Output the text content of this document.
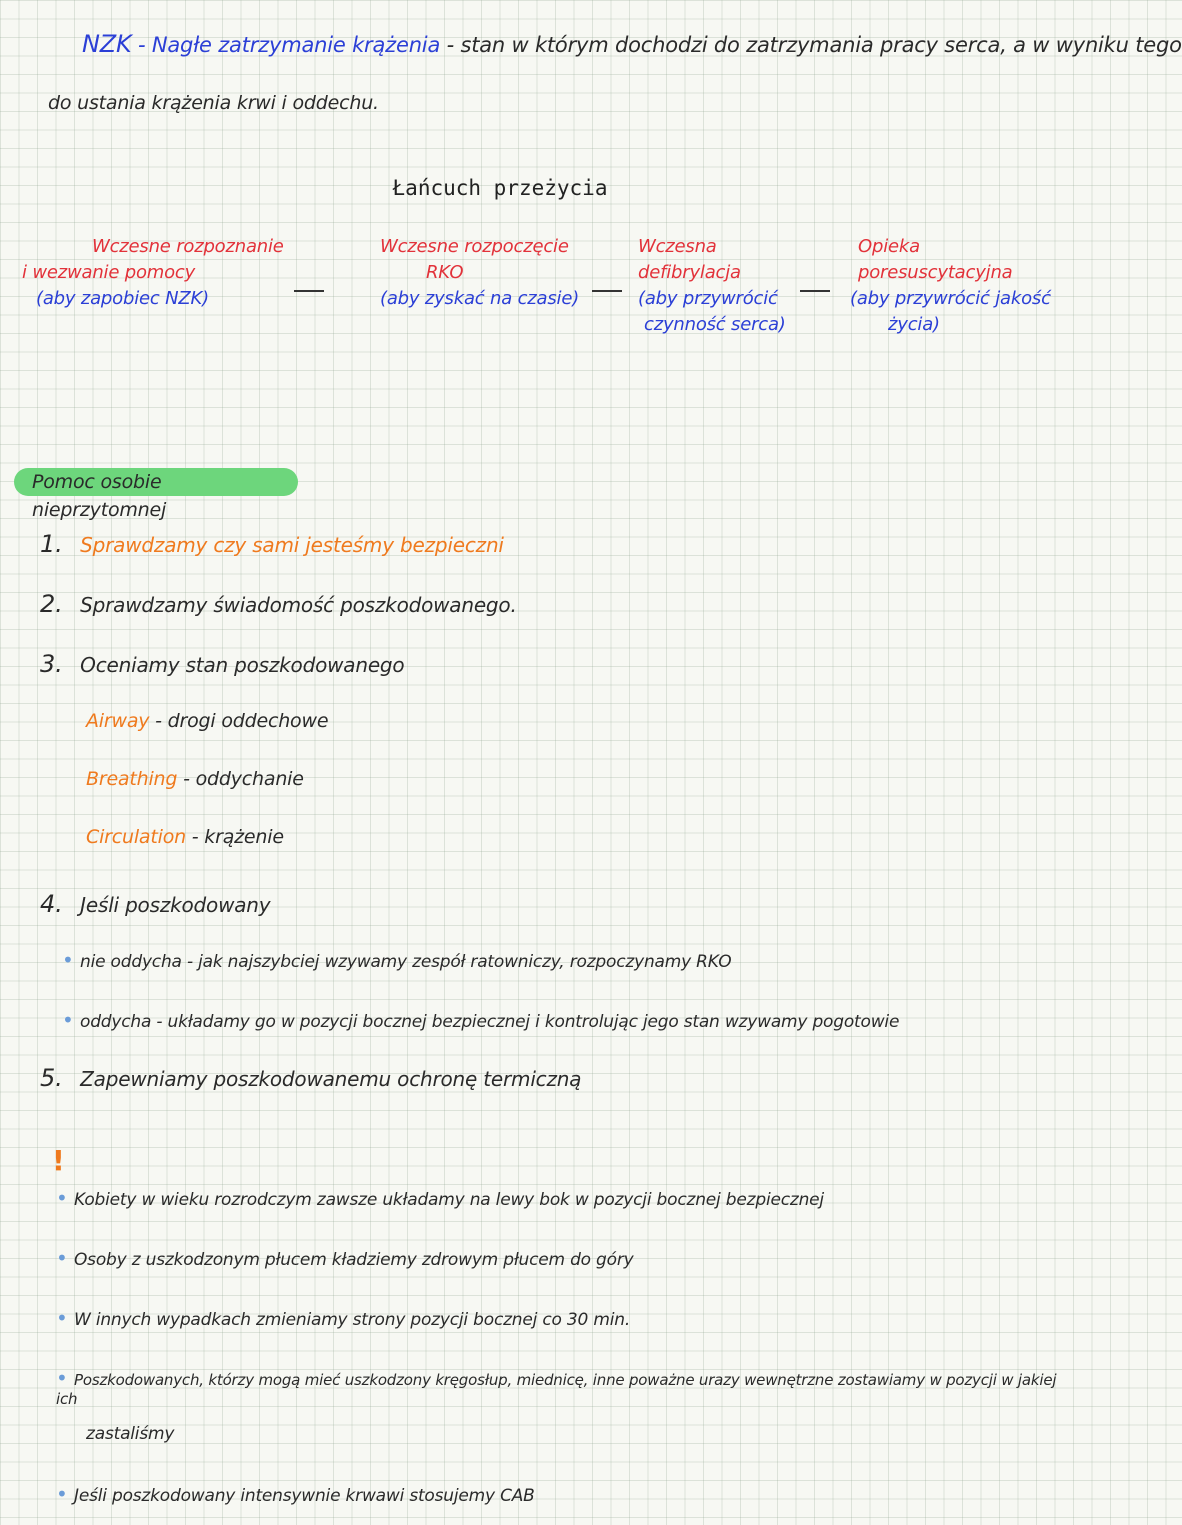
NZK - Nagłe zatrzymanie krążenia - stan w którym dochodzi do zatrzymania pracy serca, a w wyniku tego
do ustania krążenia krwi i oddechu.
Łańcuch przeżycia
Wczesne rozpoznanie
i wezwanie pomocy
(aby zapobiec NZK)
Wczesne rozpoczęcie
RKO
(aby zyskać na czasie)
Wczesna
defibrylacja
(aby przywrócić
czynność serca)
Opieka poresuscytacyjna
(aby przywrócić jakość
życia)
Pomoc osobie nieprzytomnej
1. Sprawdzamy czy sami jesteśmy bezpieczni
2. Sprawdzamy świadomość poszkodowanego.
3. Oceniamy stan poszkodowanego
Airway - drogi oddechowe
Breathing - oddychanie
Circulation - krążenie
4. Jeśli poszkodowany
• nie oddycha - jak najszybciej wzywamy zespół ratowniczy, rozpoczynamy RKO
• oddycha - układamy go w pozycji bocznej bezpiecznej i kontrolując jego stan wzywamy pogotowie
5. Zapewniamy poszkodowanemu ochronę termiczną
!
• Kobiety w wieku rozrodczym zawsze układamy na lewy bok w pozycji bocznej bezpiecznej
• Osoby z uszkodzonym płucem kładziemy zdrowym płucem do góry
• W innych wypadkach zmieniamy strony pozycji bocznej co 30 min.
• Poszkodowanych, którzy mogą mieć uszkodzony kręgosłup, miednicę, inne poważne urazy wewnętrzne zostawiamy w pozycji w jakiej ich
zastaliśmy
• Jeśli poszkodowany intensywnie krwawi stosujemy CAB
